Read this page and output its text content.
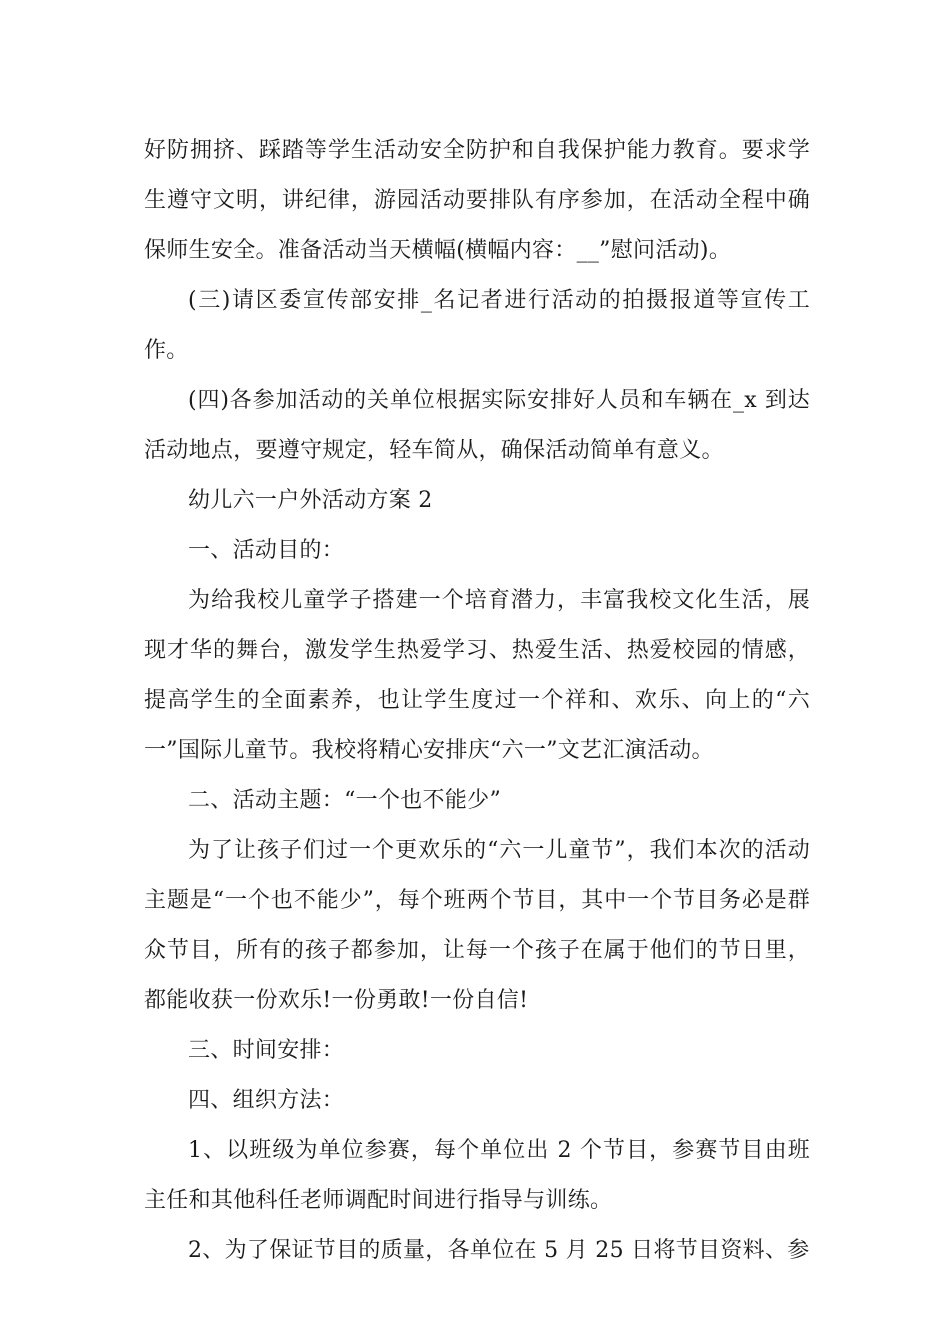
好防拥挤、踩踏等学生活动安全防护和自我保护能力教育。要求学生遵守文明，讲纪律，游园活动要排队有序参加，在活动全程中确保师生安全。准备活动当天横幅(横幅内容：__”慰问活动)。

(三)请区委宣传部安排_名记者进行活动的拍摄报道等宣传工作。

(四)各参加活动的关单位根据实际安排好人员和车辆在_x 到达活动地点，要遵守规定，轻车简从，确保活动简单有意义。

幼儿六一户外活动方案 2

一、活动目的：

为给我校儿童学子搭建一个培育潜力，丰富我校文化生活，展现才华的舞台，激发学生热爱学习、热爱生活、热爱校园的情感，提高学生的全面素养，也让学生度过一个祥和、欢乐、向上的“六一”国际儿童节。我校将精心安排庆“六一”文艺汇演活动。

二、活动主题：“一个也不能少”

为了让孩子们过一个更欢乐的“六一儿童节”，我们本次的活动主题是“一个也不能少”，每个班两个节目，其中一个节目务必是群众节目，所有的孩子都参加，让每一个孩子在属于他们的节日里，都能收获一份欢乐!一份勇敢!一份自信!

三、时间安排：

四、组织方法：

1、以班级为单位参赛，每个单位出 2 个节目，参赛节目由班主任和其他科任老师调配时间进行指导与训练。

2、为了保证节目的质量，各单位在 5 月 25 日将节目资料、参
